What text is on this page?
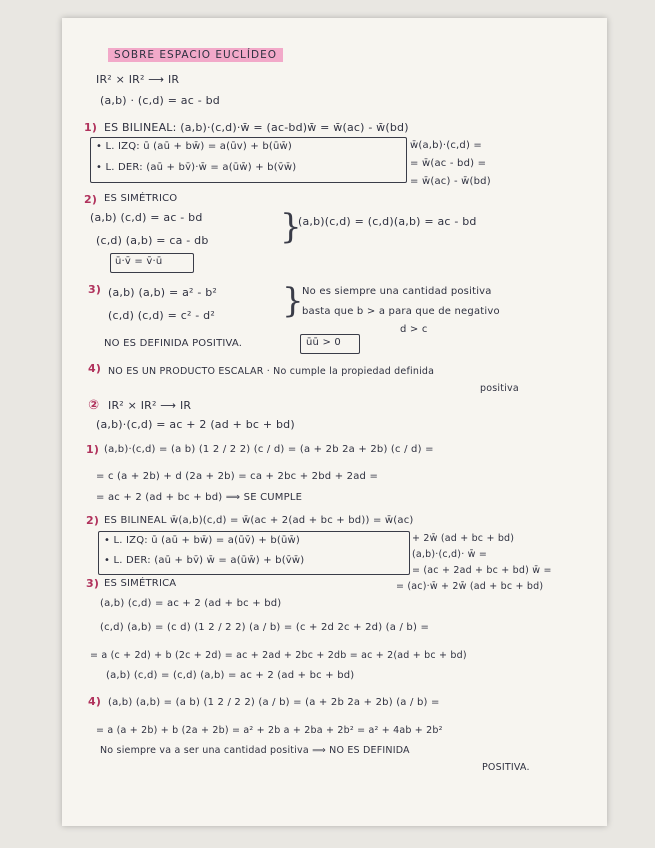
SOBRE ESPACIO EUCLÍDEO
IR² × IR² ⟶ IR
(a,b) · (c,d) = ac - bd
1) ES BILINEAL: (a,b)·(c,d)·w̄ = (ac-bd)w̄ = w̄(ac) - w̄(bd)
• L. IZQ: ū (aū + bw̄) = a(ūv) + b(ūw̄)
• L. DER: (aū + bv̄)·w̄ = a(ūw̄) + b(v̄w̄)
w̄(a,b)·(c,d) =
= w̄(ac - bd) =
= w̄(ac) - w̄(bd)
2) ES SIMÉTRICO
(a,b) (c,d) = ac - bd
(c,d) (a,b) = ca - db }
(a,b)(c,d) = (c,d)(a,b) = ac - bd
ū·v̄ = v̄·ū
3) (a,b) (a,b) = a² - b²
(c,d) (c,d) = c² - d² }
No es siempre una cantidad positiva
basta que b > a para que de negativo
d > c
NO ES DEFINIDA POSITIVA.	ūū > 0
4) NO ES UN PRODUCTO ESCALAR · No cumple la propiedad definida
positiva
② IR² × IR² ⟶ IR
(a,b)·(c,d) = ac + 2 (ad + bc + bd)
1) (a,b)·(c,d) = (a b) (1 2 / 2 2) (c / d) = (a + 2b 2a + 2b) (c / d) =
= c (a + 2b) + d (2a + 2b) = ca + 2bc + 2bd + 2ad =
= ac + 2 (ad + bc + bd) ⟹ SE CUMPLE
2) ES BILINEAL w̄(a,b)(c,d) = w̄(ac + 2(ad + bc + bd)) = w̄(ac)
• L. IZQ: ū (aū + bw̄) = a(ūv̄) + b(ūw̄)
• L. DER: (aū + bv̄) w̄ = a(ūw̄) + b(v̄w̄)
+ 2w̄ (ad + bc + bd)
(a,b)·(c,d)· w̄ =
= (ac + 2ad + bc + bd) w̄ =
= (ac)·w̄ + 2w̄ (ad + bc + bd)
3) ES SIMÉTRICA
(a,b) (c,d) = ac + 2 (ad + bc + bd)
(c,d) (a,b) = (c d) (1 2 / 2 2) (a / b) = (c + 2d 2c + 2d) (a / b) =
= a (c + 2d) + b (2c + 2d) = ac + 2ad + 2bc + 2db = ac + 2(ad + bc + bd)
(a,b) (c,d) = (c,d) (a,b) = ac + 2 (ad + bc + bd)
4) (a,b) (a,b) = (a b) (1 2 / 2 2) (a / b) = (a + 2b 2a + 2b) (a / b) =
= a (a + 2b) + b (2a + 2b) = a² + 2b a + 2ba + 2b² = a² + 4ab + 2b²
No siempre va a ser una cantidad positiva ⟹ NO ES DEFINIDA
POSITIVA.
